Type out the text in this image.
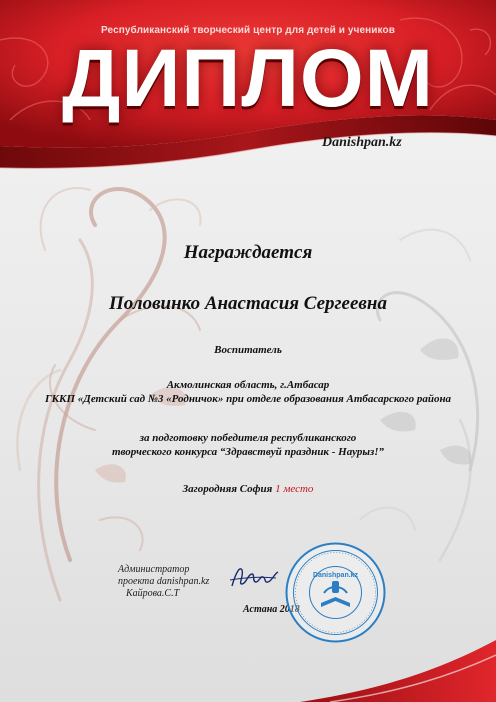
Республиканский творческий центр для детей и учеников
ДИПЛОМ
Danishpan.kz
Награждается
Половинко Анастасия Сергеевна
Воспитатель
Акмолинская область, г.Атбасар
ГККП «Детский сад №3 «Родничок» при отделе образования Атбасарского района
за подготовку победителя республиканского
творческого конкурса “Здравствуй праздник - Наурыз!”
Загородняя София 1 место
Администратор
проекта danishpan.kz
Кайрова.С.Т
Астана 2018
Danishpan.kz
